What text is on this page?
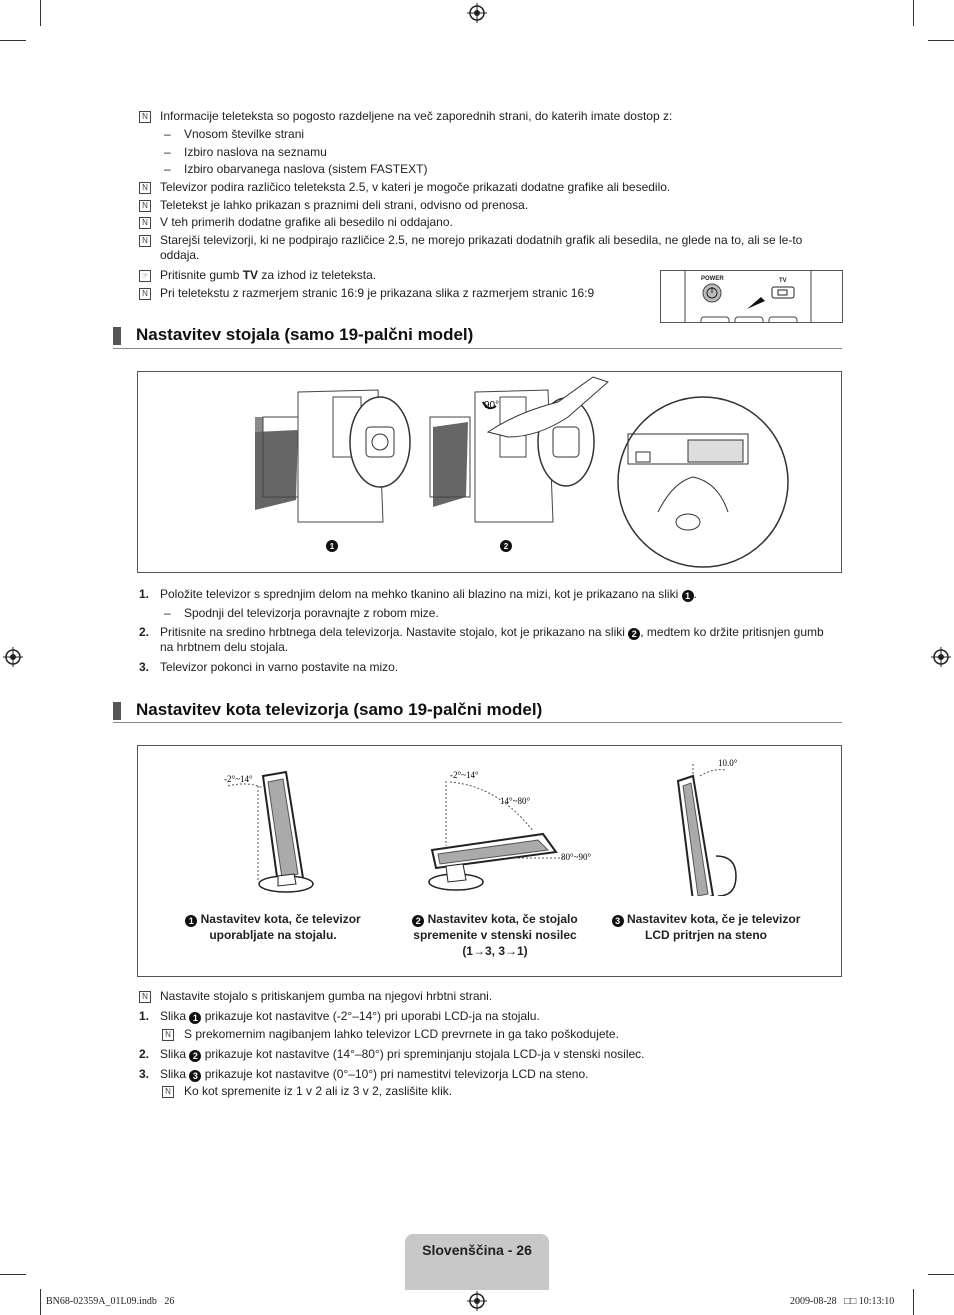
N
Informacije teleteksta so pogosto razdeljene na več zaporednih strani, do katerih imate dostop z:
– Vnosom številke strani
– Izbiro naslova na seznamu
– Izbiro obarvanega naslova (sistem FASTEXT)
N
Televizor podira različico teleteksta 2.5, v kateri je mogoče prikazati dodatne grafike ali besedilo.
N
Teletekst je lahko prikazan s praznimi deli strani, odvisno od prenosa.
N
V teh primerih dodatne grafike ali besedilo ni oddajano.
N
Starejši televizorji, ki ne podpirajo različice 2.5, ne morejo prikazati dodatnih grafik ali besedila, ne glede na to, ali se le-to
oddaja.
☞
Pritisnite gumb TV za izhod iz teleteksta.
N
Pri teletekstu z razmerjem stranic 16:9 je prikazana slika z razmerjem stranic 16:9
POWER	TV
Nastavitev stojala (samo 19-palčni model)
90°
1	2
1. Položite televizor s sprednjim delom na mehko tkanino ali blazino na mizi, kot je prikazano na sliki 1 .
– Spodnji del televizorja poravnajte z robom mize.
2. Pritisnite na sredino hrbtnega dela televizorja. Nastavite stojalo, kot je prikazano na sliki 2 , medtem ko držite pritisnjen gumb
na hrbtnem delu stojala.
3. Televizor pokonci in varno postavite na mizo.
Nastavitev kota televizorja (samo 19-palčni model)
-2°~14°	-2°~14°
14°~80°
80°~90°
10.0°
1 Nastavitev kota, če televizor
uporabljate na stojalu.
2 Nastavitev kota, če stojalo
spremenite v stenski nosilec
(1→3, 3→1)
3 Nastavitev kota, če je televizor
LCD pritrjen na steno
N
Nastavite stojalo s pritiskanjem gumba na njegovi hrbtni strani.
1. Slika 1 prikazuje kot nastavitve (-2°–14°) pri uporabi LCD-ja na stojalu.
N
S prekomernim nagibanjem lahko televizor LCD prevrnete in ga tako poškodujete.
2. Slika 2 prikazuje kot nastavitve (14°–80°) pri spreminjanju stojala LCD-ja v stenski nosilec.
3. Slika 3 prikazuje kot nastavitve (0°–10°) pri namestitvi televizorja LCD na steno.
N
Ko kot spremenite iz 1 v 2 ali iz 3 v 2, zaslišite klik.
Slovenščina - 26
BN68-02359A_01L09.indb   26	2009-08-28   □□ 10:13:10
